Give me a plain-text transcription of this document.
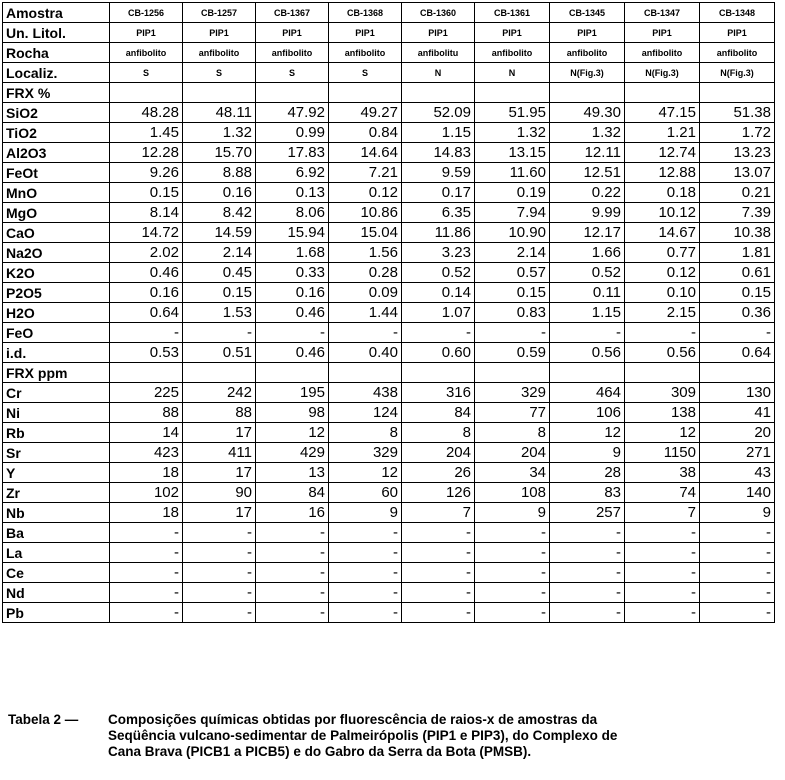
Amostra	CB-1256	CB-1257	CB-1367	CB-1368	CB-1360	CB-1361	CB-1345	CB-1347	CB-1348
Un. Litol.	PIP1	PIP1	PIP1	PIP1	PIP1	PIP1	PIP1	PIP1	PIP1
Rocha	anfibolito	anfibolito	anfibolito	anfibolito	anfibolitu	anfibolito	anfibolito	anfibolito	anfibolito
Localiz.	S	S	S	S	N	N	N(Fig.3)	N(Fig.3)	N(Fig.3)
FRX %									
SiO2	48.28	48.11	47.92	49.27	52.09	51.95	49.30	47.15	51.38
TiO2	1.45	1.32	0.99	0.84	1.15	1.32	1.32	1.21	1.72
Al2O3	12.28	15.70	17.83	14.64	14.83	13.15	12.11	12.74	13.23
FeOt	9.26	8.88	6.92	7.21	9.59	11.60	12.51	12.88	13.07
MnO	0.15	0.16	0.13	0.12	0.17	0.19	0.22	0.18	0.21
MgO	8.14	8.42	8.06	10.86	6.35	7.94	9.99	10.12	7.39
CaO	14.72	14.59	15.94	15.04	11.86	10.90	12.17	14.67	10.38
Na2O	2.02	2.14	1.68	1.56	3.23	2.14	1.66	0.77	1.81
K2O	0.46	0.45	0.33	0.28	0.52	0.57	0.52	0.12	0.61
P2O5	0.16	0.15	0.16	0.09	0.14	0.15	0.11	0.10	0.15
H2O	0.64	1.53	0.46	1.44	1.07	0.83	1.15	2.15	0.36
FeO	-	-	-	-	-	-	-	-	-
i.d.	0.53	0.51	0.46	0.40	0.60	0.59	0.56	0.56	0.64
FRX ppm									
Cr	225	242	195	438	316	329	464	309	130
Ni	88	88	98	124	84	77	106	138	41
Rb	14	17	12	8	8	8	12	12	20
Sr	423	411	429	329	204	204	9	1150	271
Y	18	17	13	12	26	34	28	38	43
Zr	102	90	84	60	126	108	83	74	140
Nb	18	17	16	9	7	9	257	7	9
Ba	-	-	-	-	-	-	-	-	-
La	-	-	-	-	-	-	-	-	-
Ce	-	-	-	-	-	-	-	-	-
Nd	-	-	-	-	-	-	-	-	-
Pb	-	-	-	-	-	-	-	-	-
Tabela 2 —	Composições químicas obtidas por fluorescência de raios-x de amostras da
Seqüência vulcano-sedimentar de Palmeirópolis (PIP1 e PIP3), do Complexo de
Cana Brava (PICB1 a PICB5) e do Gabro da Serra da Bota (PMSB).
